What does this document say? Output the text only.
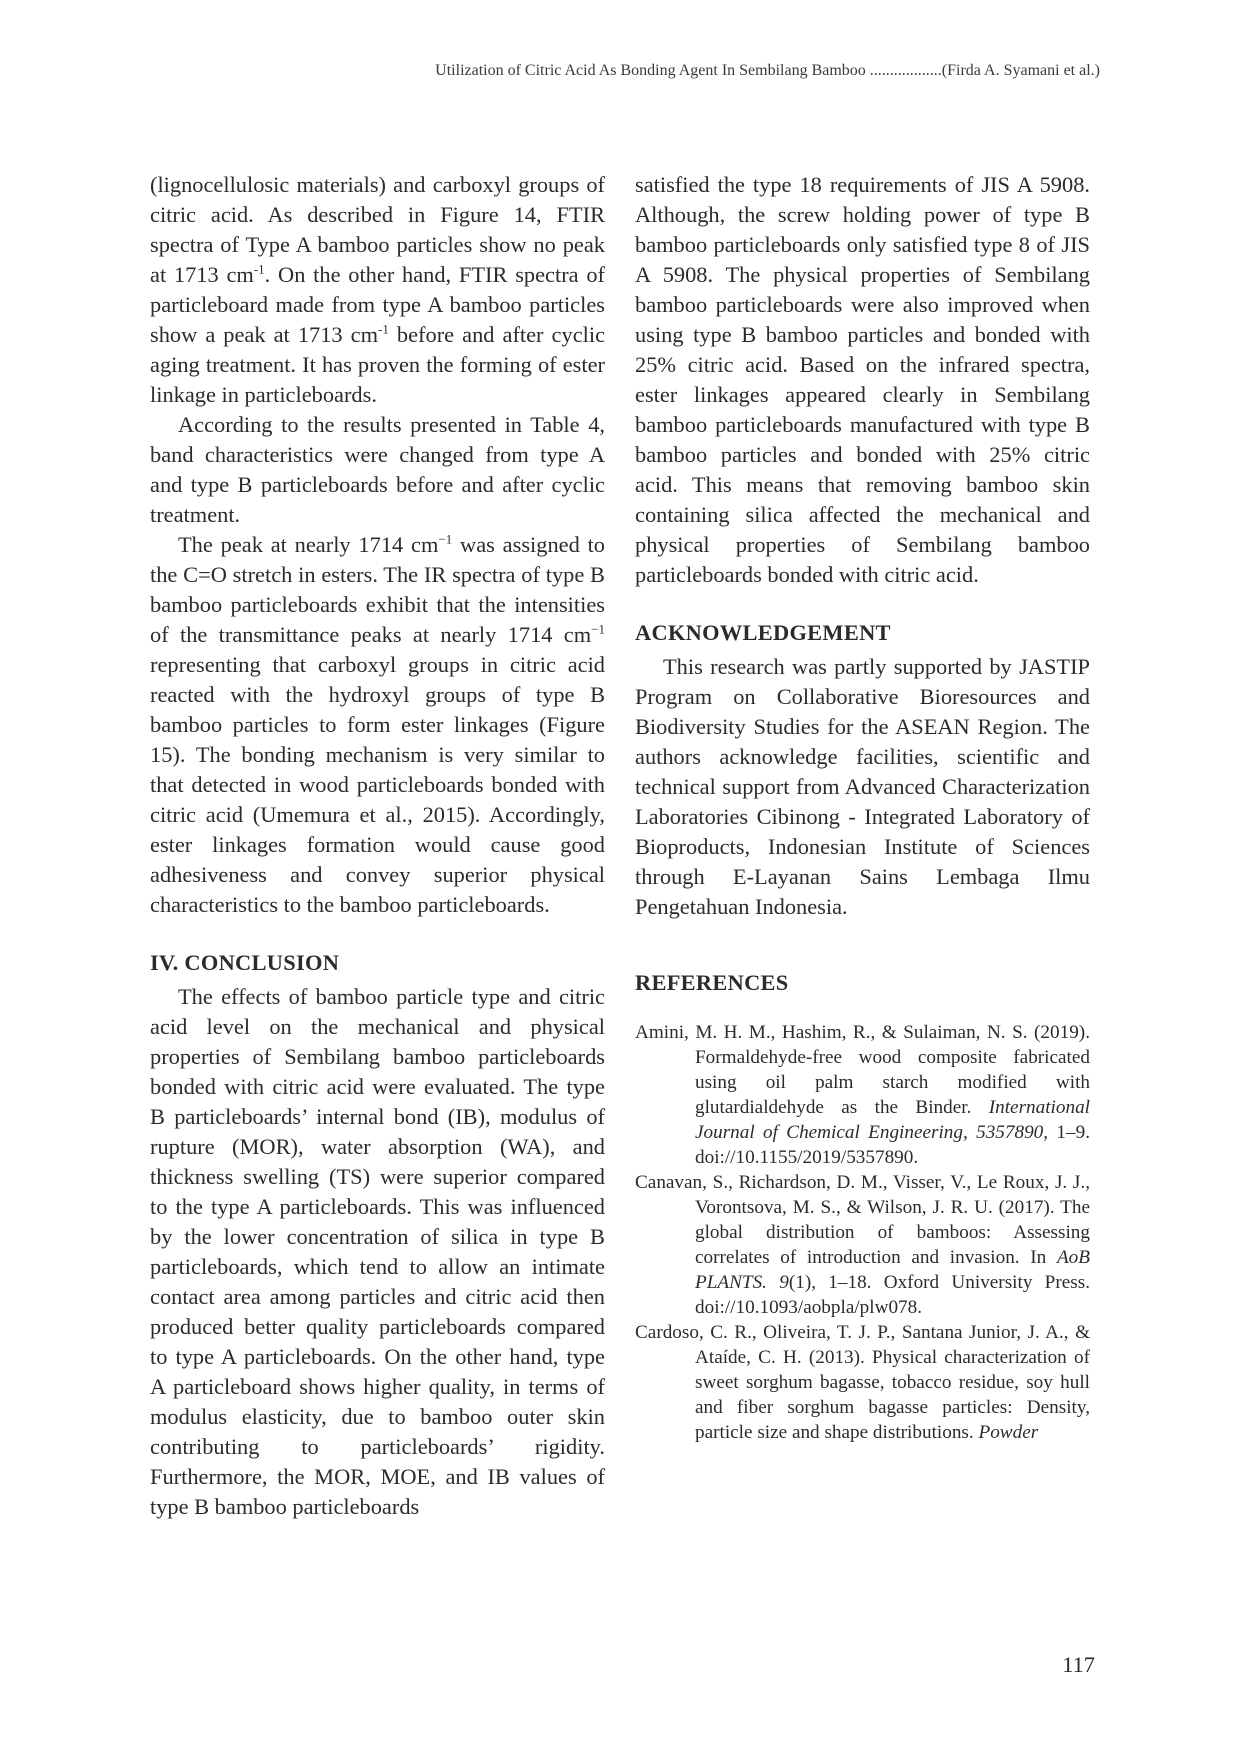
Utilization of Citric Acid As Bonding Agent In Sembilang Bamboo ..................(Firda A. Syamani et al.)

(lignocellulosic materials) and carboxyl groups of citric acid. As described in Figure 14, FTIR spectra of Type A bamboo particles show no peak at 1713 $cm^{-1}$. On the other hand, FTIR spectra of particleboard made from type A bamboo particles show a peak at 1713 $cm^{-1}$ before and after cyclic aging treatment. It has proven the forming of ester linkage in particleboards.

According to the results presented in Table 4, band characteristics were changed from type A and type B particleboards before and after cyclic treatment.

The peak at nearly 1714 $cm^{-1}$ was assigned to the C=O stretch in esters. The IR spectra of type B bamboo particleboards exhibit that the intensities of the transmittance peaks at nearly 1714 $cm^{-1}$ representing that carboxyl groups in citric acid reacted with the hydroxyl groups of type B bamboo particles to form ester linkages (Figure 15). The bonding mechanism is very similar to that detected in wood particleboards bonded with citric acid (Umemura et al., 2015). Accordingly, ester linkages formation would cause good adhesiveness and convey superior physical characteristics to the bamboo particleboards.

IV. CONCLUSION

The effects of bamboo particle type and citric acid level on the mechanical and physical properties of Sembilang bamboo particleboards bonded with citric acid were evaluated. The type B particleboards’ internal bond (IB), modulus of rupture (MOR), water absorption (WA), and thickness swelling (TS) were superior compared to the type A particleboards. This was influenced by the lower concentration of silica in type B particleboards, which tend to allow an intimate contact area among particles and citric acid then produced better quality particleboards compared to type A particleboards. On the other hand, type A particleboard shows higher quality, in terms of modulus elasticity, due to bamboo outer skin contributing to particleboards’ rigidity. Furthermore, the MOR, MOE, and IB values of type B bamboo particleboards

satisfied the type 18 requirements of JIS A 5908. Although, the screw holding power of type B bamboo particleboards only satisfied type 8 of JIS A 5908. The physical properties of Sembilang bamboo particleboards were also improved when using type B bamboo particles and bonded with 25% citric acid. Based on the infrared spectra, ester linkages appeared clearly in Sembilang bamboo particleboards manufactured with type B bamboo particles and bonded with 25% citric acid. This means that removing bamboo skin containing silica affected the mechanical and physical properties of Sembilang bamboo particleboards bonded with citric acid.

ACKNOWLEDGEMENT

This research was partly supported by JASTIP Program on Collaborative Bioresources and Biodiversity Studies for the ASEAN Region. The authors acknowledge facilities, scientific and technical support from Advanced Characterization Laboratories Cibinong - Integrated Laboratory of Bioproducts, Indonesian Institute of Sciences through E-Layanan Sains Lembaga Ilmu Pengetahuan Indonesia.

REFERENCES

Amini, M. H. M., Hashim, R., & Sulaiman, N. S. (2019). Formaldehyde-free wood composite fabricated using oil palm starch modified with glutardialdehyde as the Binder. International Journal of Chemical Engineering, 5357890, 1–9. doi://10.1155/2019/5357890.

Canavan, S., Richardson, D. M., Visser, V., Le Roux, J. J., Vorontsova, M. S., & Wilson, J. R. U. (2017). The global distribution of bamboos: Assessing correlates of introduction and invasion. In AoB PLANTS. 9(1), 1–18. Oxford University Press. doi://10.1093/aobpla/plw078.

Cardoso, C. R., Oliveira, T. J. P., Santana Junior, J. A., & Ataíde, C. H. (2013). Physical characterization of sweet sorghum bagasse, tobacco residue, soy hull and fiber sorghum bagasse particles: Density, particle size and shape distributions. Powder

117
